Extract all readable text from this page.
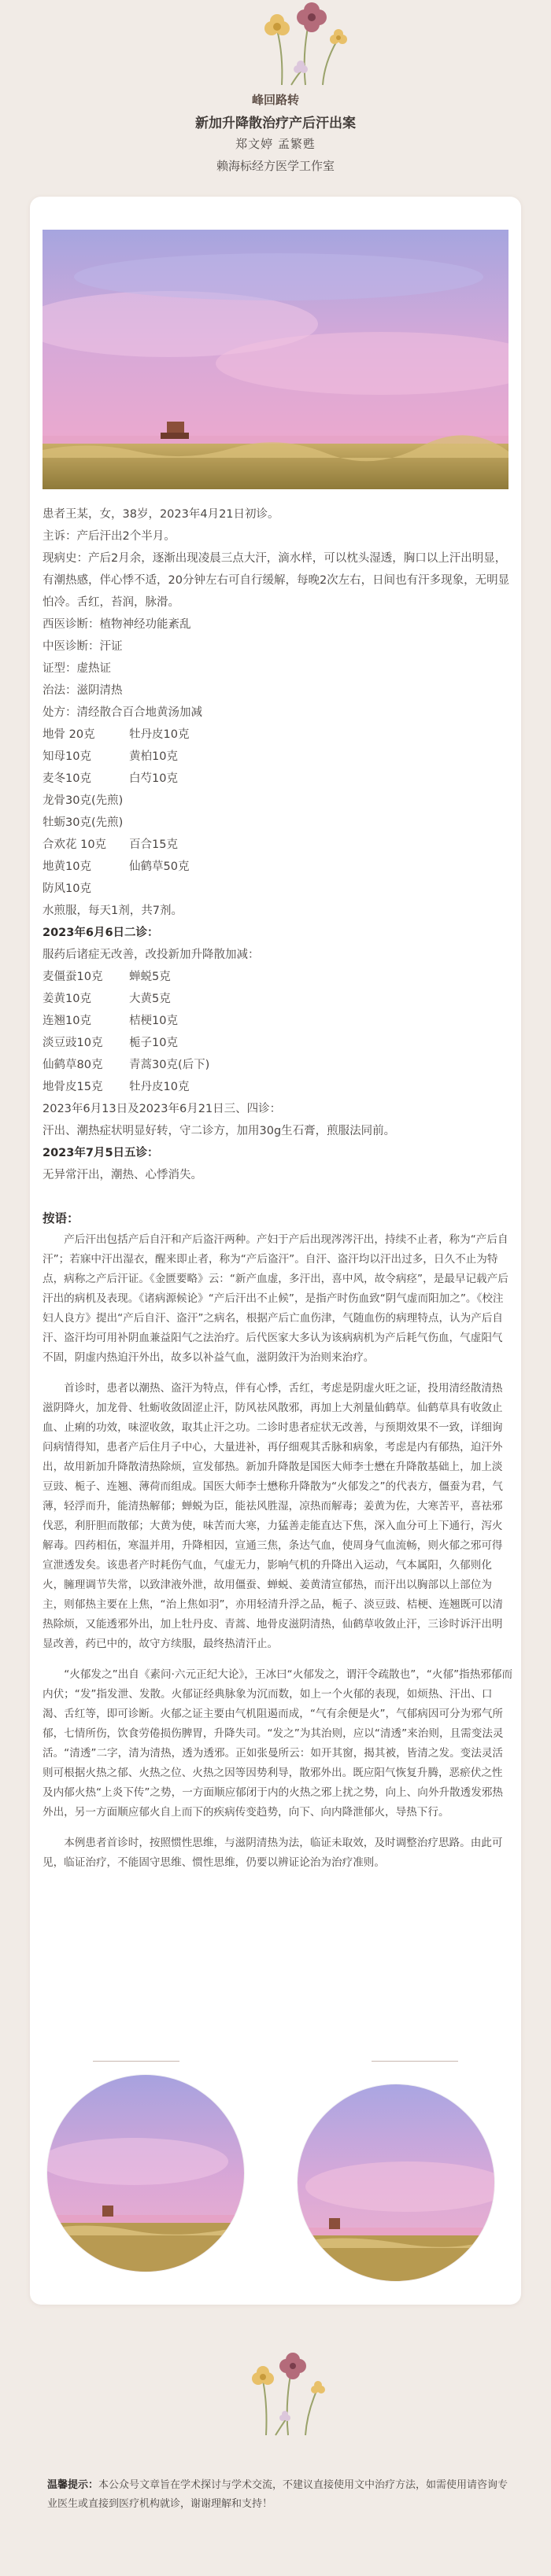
峰回路转
新加升降散治疗产后汗出案
郑文婷 孟繁甦
赖海标经方医学工作室

患者王某，女，38岁，2023年4月21日初诊。

主诉：产后汗出2个半月。

现病史：产后2月余，逐渐出现凌晨三点大汗，滴水样，可以枕头湿透，胸口以上汗出明显，有潮热感，伴心悸不适，20分钟左右可自行缓解，每晚2次左右，日间也有汗多现象，无明显怕冷。舌红，苔润，脉滑。

西医诊断：植物神经功能紊乱

中医诊断：汗证

证型：虚热证

治法：滋阴清热

处方：清经散合百合地黄汤加减

地骨 20克	牡丹皮10克
知母10克	黄柏10克
麦冬10克	白芍10克

龙骨30克(先煎)

牡蛎30克(先煎)

合欢花 10克	百合15克
地黄10克	仙鹤草50克

防风10克

水煎服，每天1剂，共7剂。

2023年6月6日二诊：

服药后诸症无改善，改投新加升降散加减：

麦僵蚕10克	蝉蜕5克
姜黄10克	大黄5克
连翘10克	桔梗10克
淡豆豉10克	栀子10克
仙鹤草80克	青蒿30克(后下)
地骨皮15克	牡丹皮10克

2023年6月13日及2023年6月21日三、四诊：

汗出、潮热症状明显好转，守二诊方，加用30g生石膏，煎服法同前。

2023年7月5日五诊：

无异常汗出，潮热、心悸消失。

按语：

产后汗出包括产后自汗和产后盗汗两种。产妇于产后出现涔涔汗出，持续不止者，称为“产后自汗”；若寐中汗出湿衣，醒来即止者，称为“产后盗汗”。自汗、盗汗均以汗出过多，日久不止为特点，病称之产后汗证。《金匮要略》云：“新产血虚，多汗出，喜中风，故令病痉”，是最早记载产后汗出的病机及表现。《诸病源候论》“产后汗出不止候”，是指产时伤血致“阴气虚而阳加之”。《校注妇人良方》提出“产后自汗、盗汗”之病名，根据产后亡血伤津，气随血伤的病理特点，认为产后自汗、盗汗均可用补阴血兼益阳气之法治疗。后代医家大多认为该病病机为产后耗气伤血，气虚阳气不固，阴虚内热迫汗外出，故多以补益气血，滋阴敛汗为治则来治疗。

首诊时，患者以潮热、盗汗为特点，伴有心悸，舌红，考虑是阴虚火旺之证，投用清经散清热滋阴降火，加龙骨、牡蛎收敛固涩止汗，防风祛风散邪，再加上大剂量仙鹤草。仙鹤草具有收敛止血、止痢的功效，味涩收敛，取其止汗之功。二诊时患者症状无改善，与预期效果不一致，详细询问病情得知，患者产后住月子中心，大量进补，再仔细观其舌脉和病象，考虑是内有郁热，迫汗外出，故用新加升降散清热除烦，宣发郁热。新加升降散是国医大师李士懋在升降散基础上，加上淡豆豉、栀子、连翘、薄荷而组成。国医大师李士懋称升降散为“火郁发之”的代表方，僵蚕为君，气薄，轻浮而升，能清热解郁；蝉蜕为臣，能祛风胜湿，凉热而解毒；姜黄为佐，大寒苦平，喜祛邪伐恶，利肝胆而散郁；大黄为使，味苦而大寒，力猛善走能直达下焦，深入血分可上下通行，泻火解毒。四药相伍，寒温并用，升降相因，宣通三焦，条达气血，使周身气血流畅，则火郁之邪可得宣泄透发矣。该患者产时耗伤气血，气虚无力，影响气机的升降出入运动，气本属阳，久郁则化火，臃理调节失常，以致津液外泄，故用僵蚕、蝉蜕、姜黄清宣郁热，而汗出以胸部以上部位为主，则郁热主要在上焦，“治上焦如羽”，亦用轻清升浮之品，栀子、淡豆豉、桔梗、连翘既可以清热除烦，又能透邪外出，加上牡丹皮、青蒿、地骨皮滋阴清热，仙鹤草收敛止汗，三诊时诉汗出明显改善，药已中的，故守方续服，最终热清汗止。

“火郁发之”出自《素问·六元正纪大论》，王冰曰“火郁发之，谓汗令疏散也”，“火郁”指热邪郁而内伏；“发”指发泄、发散。火郁证经典脉象为沉而数，如上一个火郁的表现，如烦热、汗出、口渴、舌红等，即可诊断。火郁之证主要由气机阻遏而成，“气有余便是火”，气郁病因可分为邪气所郁，七情所伤，饮食劳倦损伤脾胃，升降失司。“发之”为其治则，应以“清透”来治则，且需变法灵活。“清透”二字，清为清热，透为透邪。正如张曼所云：如开其窗，揭其被，皆清之发。变法灵活则可根据火热之郁、火热之位、火热之因等因势利导，散邪外出。既应阳气恢复升腾，恶瘀伏之性及内郁火热“上炎下传”之势，一方面顺应郁闭于内的火热之邪上扰之势，向上、向外升散透发邪热外出，另一方面顺应郁火自上而下的疾病传变趋势，向下、向内降泄郁火，导热下行。

本例患者首诊时，按照惯性思维，与滋阴清热为法，临证未取效，及时调整治疗思路。由此可见，临证治疗，不能固守思维、惯性思维，仍要以辨证论治为治疗准则。

温馨提示：本公众号文章旨在学术探讨与学术交流，不建议直接使用文中治疗方法，如需使用请咨询专业医生或直接到医疗机构就诊，谢谢理解和支持！
